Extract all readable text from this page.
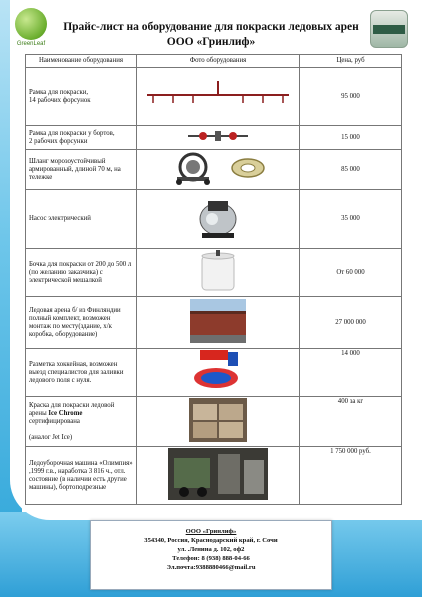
GreenLeaf
Прайс-лист на оборудование для покраски ледовых арен
ООО «Гринлиф»
Наименование оборудования	Фото оборудования	Цена, руб
Рамка для покраски,
14 рабочих форсунок		95 000
Рамка для покраски у бортов,
2 рабочих форсунки		15 000
Шланг морозоустойчивый армированный, длиной 70 м, на тележке		85 000
Насос электрический		35 000
Бочка для покраски от 200 до 500 л (по желанию заказчика) с электрической мешалкой		От 60 000
Ледовая арена б/ из Финляндии полный комплект, возможен монтаж по месту(здание, х/к коробка, оборудование)		27 000 000
Разметка хоккейная, возможен выезд специалистов для заливки ледового поля с нуля.		14 000
Краска для покраски ледовой арены Ice Chrome сертифицирована

(аналог Jet Ice)		400 за кг
Ледоуборочная машина «Олимпия» ,1999 г.в., наработка 3 816 ч., отл. состояние (в наличии есть другие машины), бортоподрезные		1 750 000 руб.
ООО «Гринлиф»
354340, Россия, Краснодарский край, г. Сочи
ул. .Ленина д. 102, оф2
Телефон: 8 (938) 888-04-66
Эл.почта:9388880466@mail.ru
